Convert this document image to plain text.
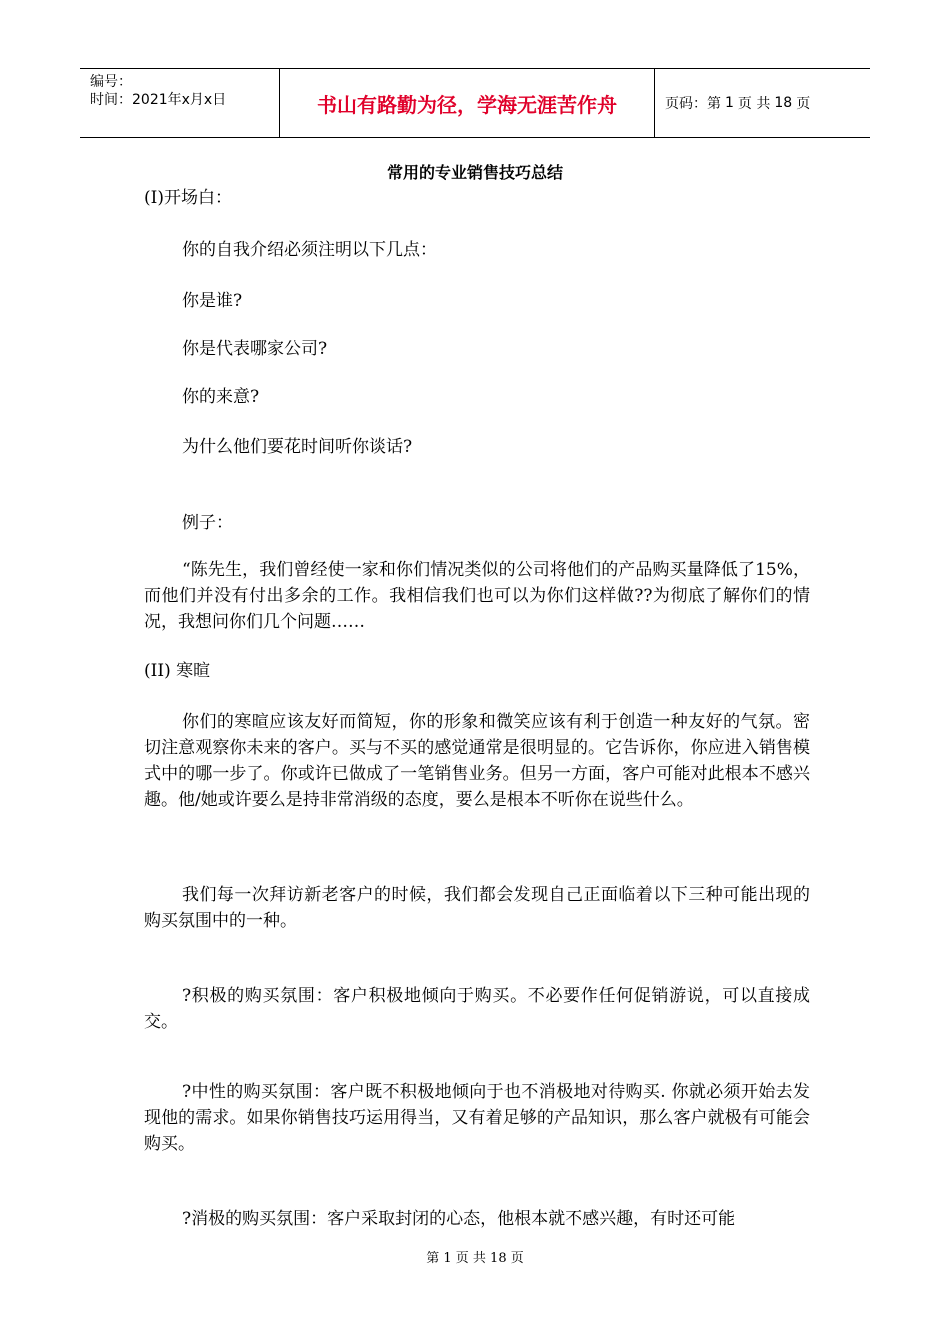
编号：
时间：2021年x月x日	书山有路勤为径，学海无涯苦作舟	页码：第 1 页 共 18 页
常用的专业销售技巧总结

(I)开场白：

你的自我介绍必须注明以下几点：

你是谁?

你是代表哪家公司?

你的来意?

为什么他们要花时间听你谈话?

例子：

“陈先生，我们曾经使一家和你们情况类似的公司将他们的产品购买量降低了15%，而他们并没有付出多余的工作。我相信我们也可以为你们这样做??为彻底了解你们的情况，我想问你们几个问题……

(II) 寒暄

你们的寒暄应该友好而简短，你的形象和微笑应该有利于创造一种友好的气氛。密切注意观察你未来的客户。买与不买的感觉通常是很明显的。它告诉你，你应进入销售模式中的哪一步了。你或许已做成了一笔销售业务。但另一方面，客户可能对此根本不感兴趣。他/她或许要么是持非常消级的态度，要么是根本不听你在说些什么。

我们每一次拜访新老客户的时候，我们都会发现自己正面临着以下三种可能出现的购买氛围中的一种。

?积极的购买氛围：客户积极地倾向于购买。不必要作任何促销游说，可以直接成交。

?中性的购买氛围：客户既不积极地倾向于也不消极地对待购买. 你就必须开始去发现他的需求。如果你销售技巧运用得当，又有着足够的产品知识，那么客户就极有可能会购买。

?消极的购买氛围：客户采取封闭的心态，他根本就不感兴趣，有时还可能

第 1 页 共 18 页
